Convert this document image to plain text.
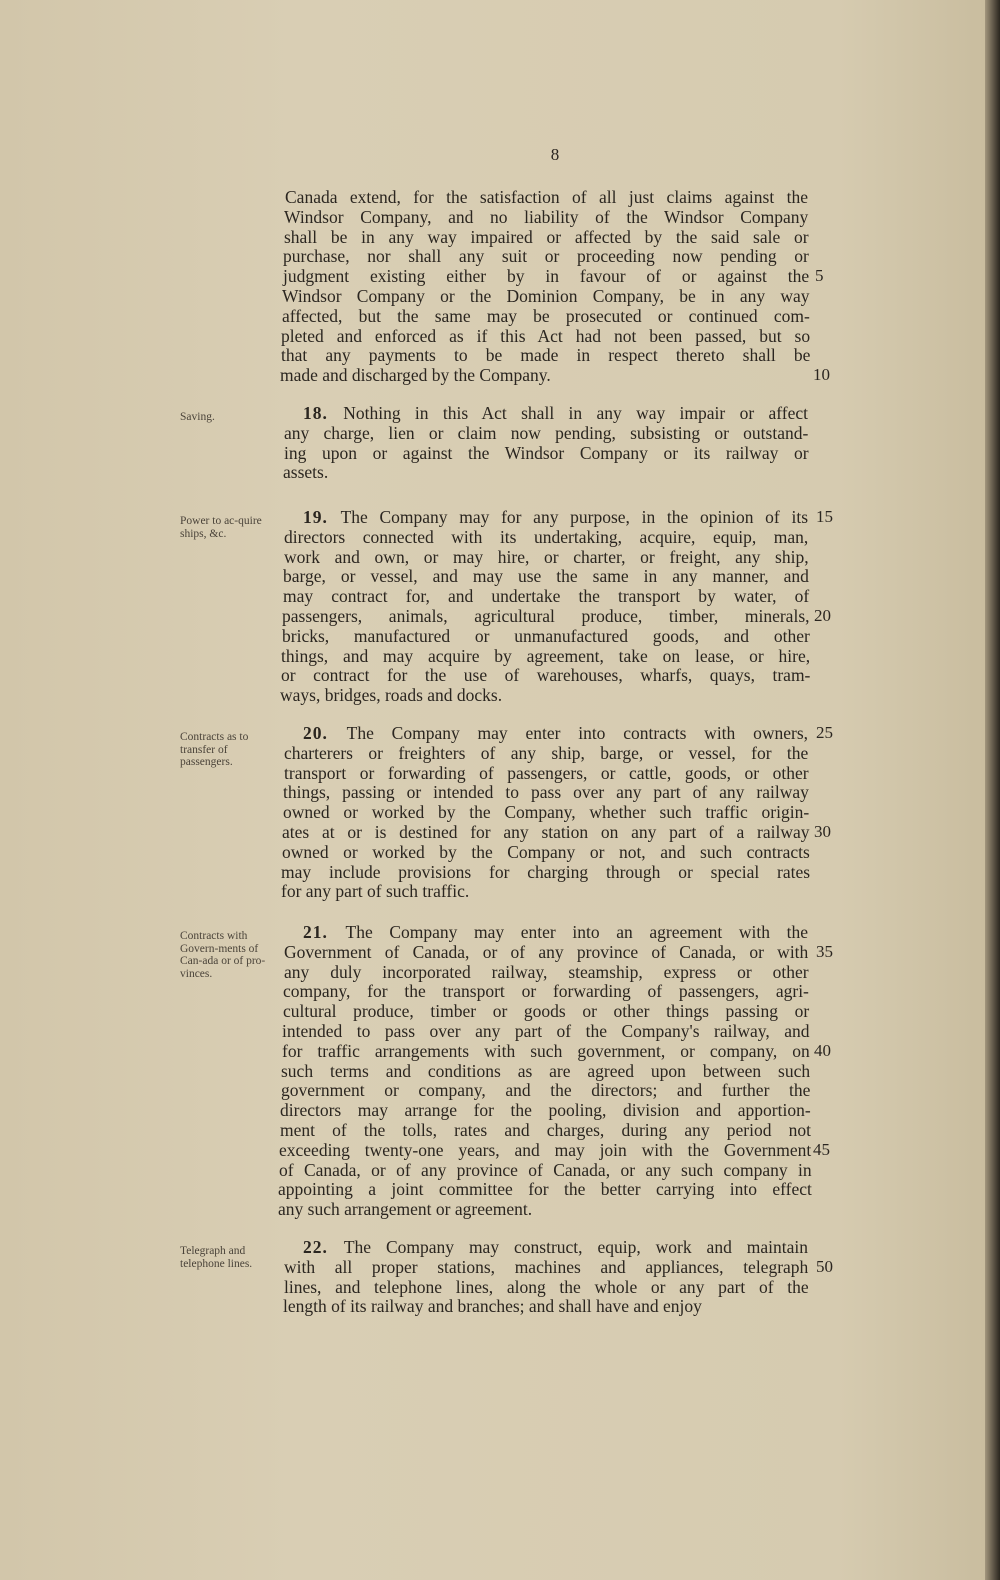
8
Canada extend, for the satisfaction of all just claims against the
Windsor Company, and no liability of the Windsor Company
shall be in any way impaired or affected by the said sale or
purchase, nor shall any suit or proceeding now pending or
judgment existing either by in favour of or against the 5
Windsor Company or the Dominion Company, be in any way
affected, but the same may be prosecuted or continued com-
pleted and enforced as if this Act had not been passed, but so
that any payments to be made in respect thereto shall be
made and discharged by the Company.	10
Saving.	18. Nothing in this Act shall in any way impair or affect
any charge, lien or claim now pending, subsisting or outstand-
ing upon or against the Windsor Company or its railway or
assets.
Power to ac-quire ships, &c.
19. The Company may for any purpose, in the opinion of its 15
directors connected with its undertaking, acquire, equip, man,
work and own, or may hire, or charter, or freight, any ship,
barge, or vessel, and may use the same in any manner, and
may contract for, and undertake the transport by water, of
passengers, animals, agricultural produce, timber, minerals, 20
bricks, manufactured or unmanufactured goods, and other
things, and may acquire by agreement, take on lease, or hire,
or contract for the use of warehouses, wharfs, quays, tram-
ways, bridges, roads and docks.
Contracts as to transfer of passengers.
20. The Company may enter into contracts with owners, 25
charterers or freighters of any ship, barge, or vessel, for the
transport or forwarding of passengers, or cattle, goods, or other
things, passing or intended to pass over any part of any railway
owned or worked by the Company, whether such traffic origin-
ates at or is destined for any station on any part of a railway 30
owned or worked by the Company or not, and such contracts
may include provisions for charging through or special rates
for any part of such traffic.
Contracts with Govern-ments of Can-ada or of pro-vinces.
21. The Company may enter into an agreement with the
Government of Canada, or of any province of Canada, or with 35
any duly incorporated railway, steamship, express or other
company, for the transport or forwarding of passengers, agri-
cultural produce, timber or goods or other things passing or
intended to pass over any part of the Company's railway, and
for traffic arrangements with such government, or company, on 40
such terms and conditions as are agreed upon between such
government or company, and the directors; and further the
directors may arrange for the pooling, division and apportion-
ment of the tolls, rates and charges, during any period not
exceeding twenty-one years, and may join with the Government 45
of Canada, or of any province of Canada, or any such company in
appointing a joint committee for the better carrying into effect
any such arrangement or agreement.
Telegraph and telephone lines.
22. The Company may construct, equip, work and maintain
with all proper stations, machines and appliances, telegraph 50
lines, and telephone lines, along the whole or any part of the
length of its railway and branches; and shall have and enjoy
